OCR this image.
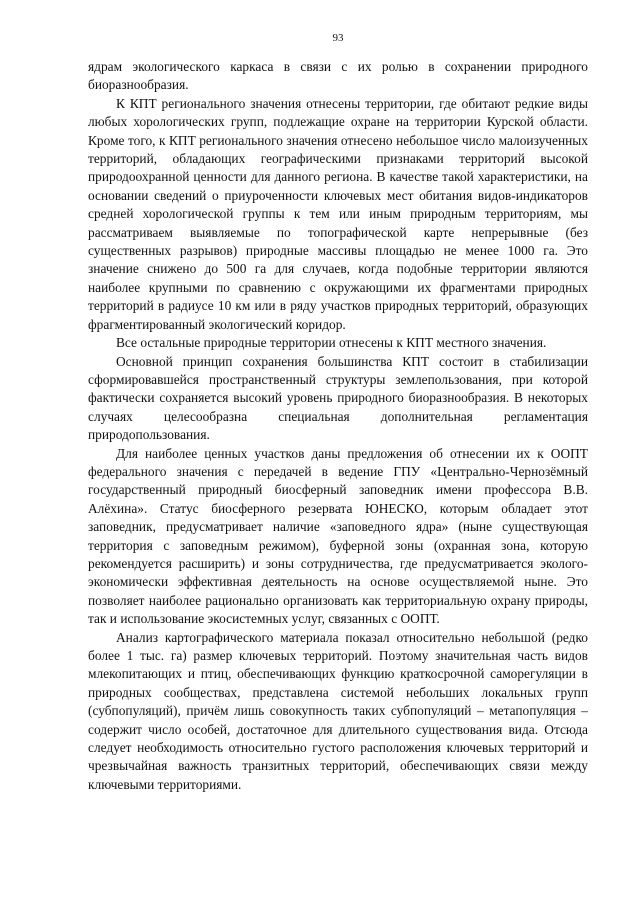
93

ядрам экологического каркаса в связи с их ролью в сохранении природного биоразнообразия.

К КПТ регионального значения отнесены территории, где обитают редкие виды любых хорологических групп, подлежащие охране на территории Курской области. Кроме того, к КПТ регионального значения отнесено небольшое число малоизученных территорий, обладающих географическими признаками территорий высокой природоохранной ценности для данного региона. В качестве такой характеристики, на основании сведений о приуроченности ключевых мест обитания видов-индикаторов средней хорологической группы к тем или иным природным территориям, мы рассматриваем выявляемые по топографической карте непрерывные (без существенных разрывов) природные массивы площадью не менее 1000 га. Это значение снижено до 500 га для случаев, когда подобные территории являются наиболее крупными по сравнению с окружающими их фрагментами природных территорий в радиусе 10 км или в ряду участков природных территорий, образующих фрагментированный экологический коридор.

Все остальные природные территории отнесены к КПТ местного значения.

Основной принцип сохранения большинства КПТ состоит в стабилизации сформировавшейся пространственный структуры землепользования, при которой фактически сохраняется высокий уровень природного биоразнообразия. В некоторых случаях целесообразна специальная дополнительная регламентация природопользования.

Для наиболее ценных участков даны предложения об отнесении их к ООПТ федерального значения с передачей в ведение ГПУ «Центрально-Чернозёмный государственный природный биосферный заповедник имени профессора В.В. Алёхина». Статус биосферного резервата ЮНЕСКО, которым обладает этот заповедник, предусматривает наличие «заповедного ядра» (ныне существующая территория с заповедным режимом), буферной зоны (охранная зона, которую рекомендуется расширить) и зоны сотрудничества, где предусматривается эколого-экономически эффективная деятельность на основе осуществляемой ныне. Это позволяет наиболее рационально организовать как территориальную охрану природы, так и использование экосистемных услуг, связанных с ООПТ.

Анализ картографического материала показал относительно небольшой (редко более 1 тыс. га) размер ключевых территорий. Поэтому значительная часть видов млекопитающих и птиц, обеспечивающих функцию краткосрочной саморегуляции в природных сообществах, представлена системой небольших локальных групп (субпопуляций), причём лишь совокупность таких субпопуляций – метапопуляция – содержит число особей, достаточное для длительного существования вида. Отсюда следует необходимость относительно густого расположения ключевых территорий и чрезвычайная важность транзитных территорий, обеспечивающих связи между ключевыми территориями.
